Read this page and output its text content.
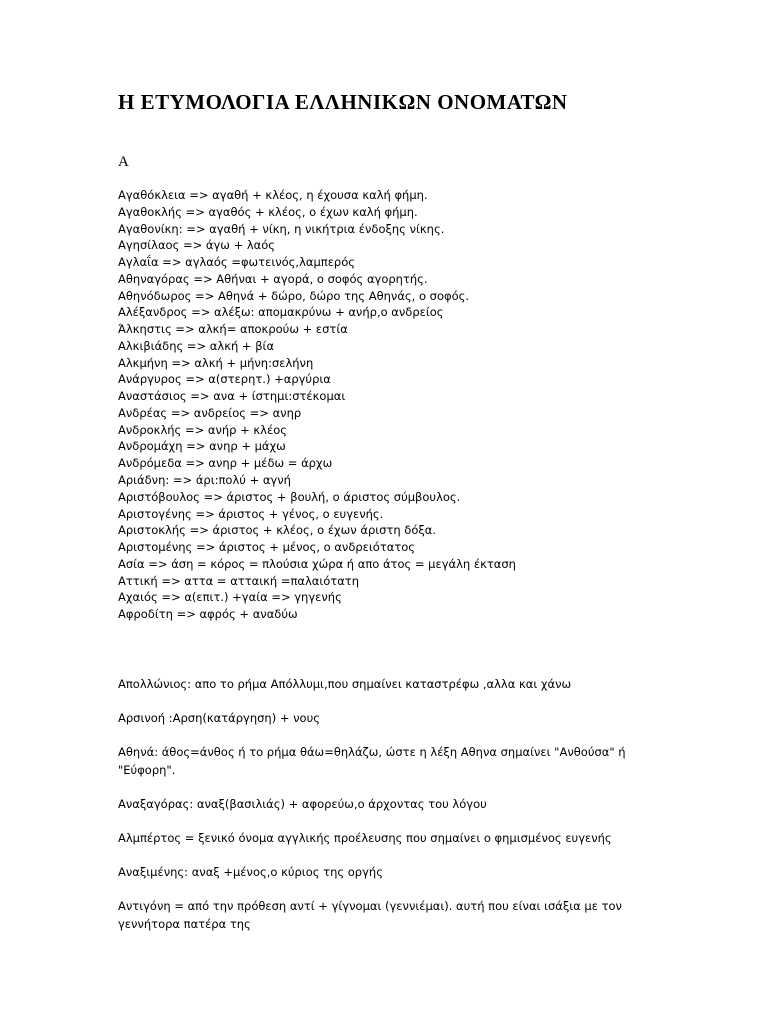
Η ΕΤΥΜΟΛΟΓΙΑ ΕΛΛΗΝΙΚΩΝ ΟΝΟΜΑΤΩΝ
Α
Αγαθόκλεια => αγαθή + κλέος, η έχουσα καλή φήμη.
Αγαθοκλής => αγαθός + κλέος, ο έχων καλή φήμη.
Αγαθονίκη: => αγαθή + νίκη, η νικήτρια ένδοξης νίκης.
Αγησίλαος => άγω + λαός
Αγλαΐα => αγλαός =φωτεινός,λαμπερός
Αθηναγόρας => Αθήναι + αγορά, ο σοφός αγορητής.
Αθηνόδωρος => Αθηνά + δώρο, δώρο της Αθηνάς, ο σοφός.
Αλέξανδρος => αλέξω: απομακρύνω + ανήρ,ο ανδρείος
Άλκηστις => αλκή= αποκρούω + εστία
Αλκιβιάδης => αλκή + βία
Αλκμήνη => αλκή + μήνη:σελήνη
Ανάργυρος => α(στερητ.) +αργύρια
Αναστάσιος => ανα + ίστημι:στέκομαι
Ανδρέας => ανδρείος => ανηρ
Ανδροκλής => ανήρ + κλέος
Ανδρομάχη => ανηρ + μάχω
Ανδρόμεδα => ανηρ + μέδω = άρχω
Αριάδνη: => άρι:πολύ + αγνή
Αριστόβουλος => άριστος + βουλή, ο άριστος σύμβουλος.
Αριστογένης => άριστος + γένος, ο ευγενής.
Αριστοκλής => άριστος + κλέος, ο έχων άριστη δόξα.
Αριστομένης => άριστος + μένος, ο ανδρειότατος
Ασία => άση = κόρος = πλούσια χώρα ή απο άτος = μεγάλη έκταση
Αττική => αττα = ατταική =παλαιότατη
Αχαιός => α(επιτ.) +γαία => γηγενής
Αφροδίτη => αφρός + αναδύω

Απολλώνιος: απο το ρήμα Απόλλυμι,που σημαίνει καταστρέφω ,αλλα και χάνω

Αρσινοή :Αρση(κατάργηση) + νους

Αθηνά: άθος=άνθος ή το ρήμα θάω=θηλάζω, ώστε η λέξη Αθηνα σημαίνει "Ανθούσα" ή "Εύφορη".

Αναξαγόρας: αναξ(βασιλιάς) + αφορεύω,ο άρχοντας του λόγου

Αλμπέρτος = ξενικό όνομα αγγλικής προέλευσης που σημαίνει ο φημισμένος ευγενής

Αναξιμένης: αναξ +μένος,ο κύριος της οργής

Αντιγόνη = από την πρόθεση αντί + γίγνομαι (γεννιέμαι). αυτή που είναι ισάξια με τον γεννήτορα πατέρα της
